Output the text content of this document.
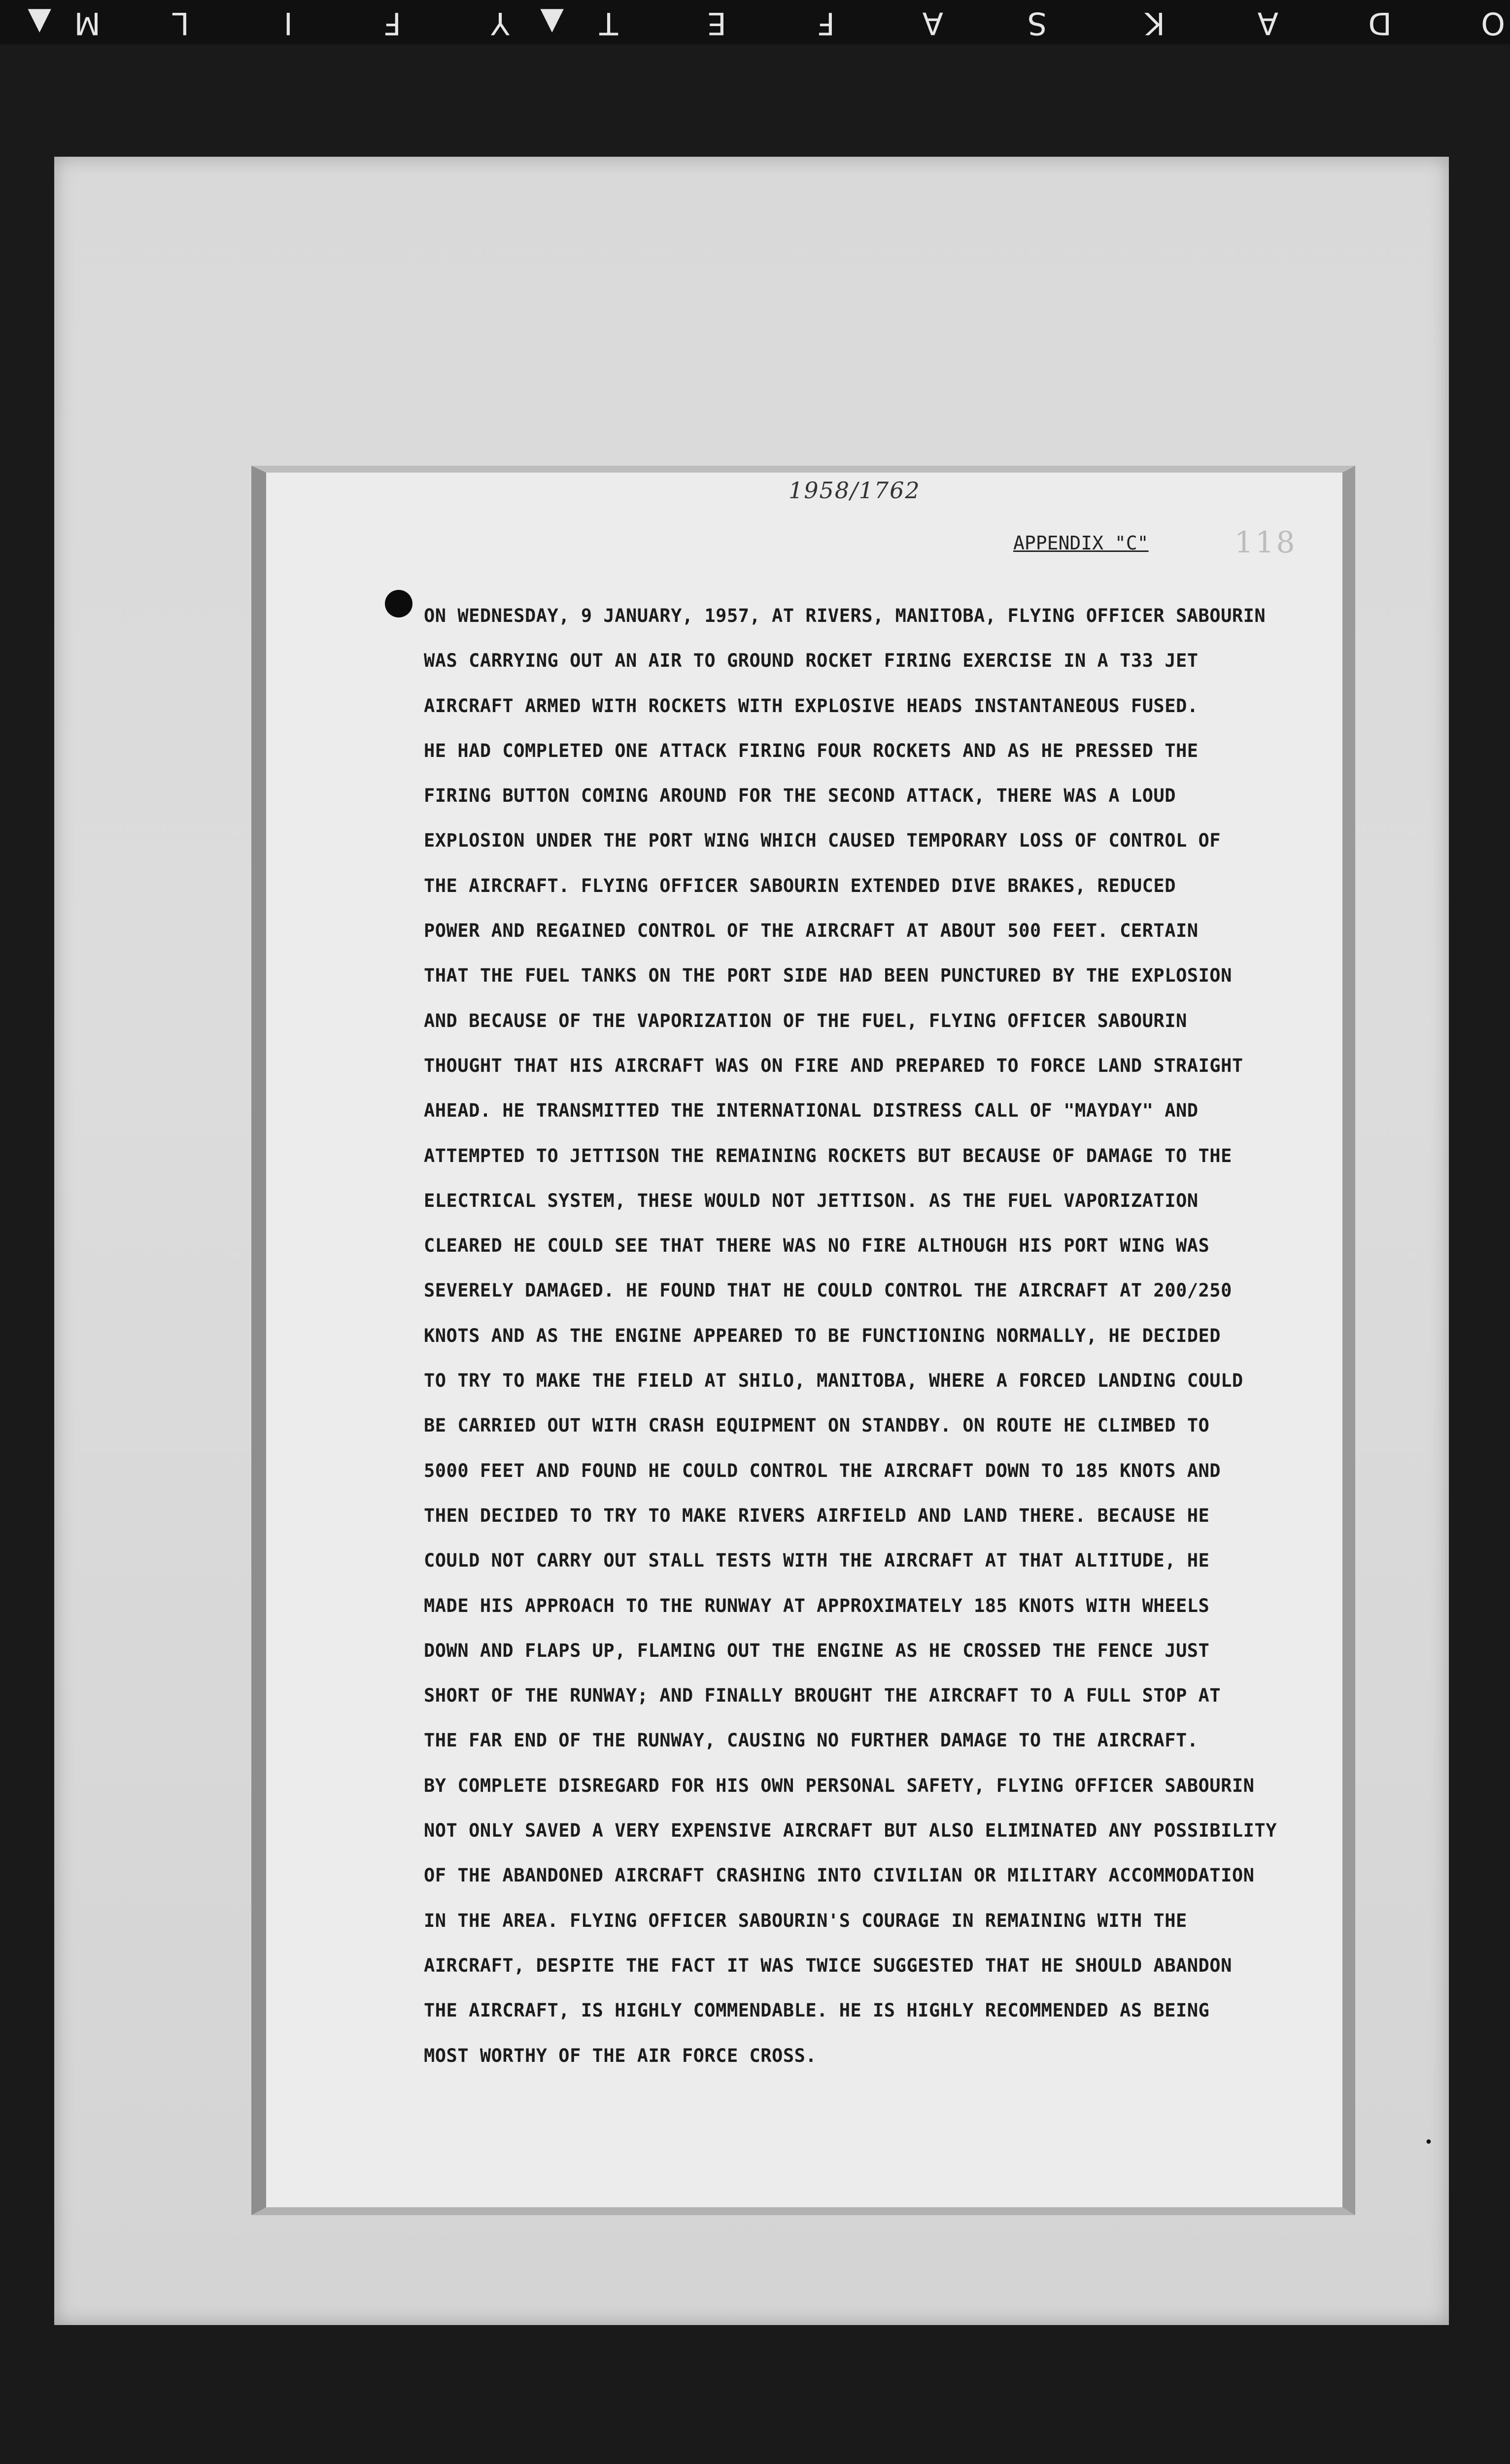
O
D
A
K
S
A
F
E
T
Y ▲
F
I
L
M
▲
1958/1762
APPENDIX "C"	118
ON WEDNESDAY, 9 JANUARY, 1957, AT RIVERS, MANITOBA, FLYING OFFICER SABOURIN
WAS CARRYING OUT AN AIR TO GROUND ROCKET FIRING EXERCISE IN A T33 JET
AIRCRAFT ARMED WITH ROCKETS WITH EXPLOSIVE HEADS INSTANTANEOUS FUSED.
HE HAD COMPLETED ONE ATTACK FIRING FOUR ROCKETS AND AS HE PRESSED THE
FIRING BUTTON COMING AROUND FOR THE SECOND ATTACK, THERE WAS A LOUD
EXPLOSION UNDER THE PORT WING WHICH CAUSED TEMPORARY LOSS OF CONTROL OF
THE AIRCRAFT. FLYING OFFICER SABOURIN EXTENDED DIVE BRAKES, REDUCED
POWER AND REGAINED CONTROL OF THE AIRCRAFT AT ABOUT 500 FEET. CERTAIN
THAT THE FUEL TANKS ON THE PORT SIDE HAD BEEN PUNCTURED BY THE EXPLOSION
AND BECAUSE OF THE VAPORIZATION OF THE FUEL, FLYING OFFICER SABOURIN
THOUGHT THAT HIS AIRCRAFT WAS ON FIRE AND PREPARED TO FORCE LAND STRAIGHT
AHEAD. HE TRANSMITTED THE INTERNATIONAL DISTRESS CALL OF "MAYDAY" AND
ATTEMPTED TO JETTISON THE REMAINING ROCKETS BUT BECAUSE OF DAMAGE TO THE
ELECTRICAL SYSTEM, THESE WOULD NOT JETTISON. AS THE FUEL VAPORIZATION
CLEARED HE COULD SEE THAT THERE WAS NO FIRE ALTHOUGH HIS PORT WING WAS
SEVERELY DAMAGED. HE FOUND THAT HE COULD CONTROL THE AIRCRAFT AT 200/250
KNOTS AND AS THE ENGINE APPEARED TO BE FUNCTIONING NORMALLY, HE DECIDED
TO TRY TO MAKE THE FIELD AT SHILO, MANITOBA, WHERE A FORCED LANDING COULD
BE CARRIED OUT WITH CRASH EQUIPMENT ON STANDBY. ON ROUTE HE CLIMBED TO
5000 FEET AND FOUND HE COULD CONTROL THE AIRCRAFT DOWN TO 185 KNOTS AND
THEN DECIDED TO TRY TO MAKE RIVERS AIRFIELD AND LAND THERE. BECAUSE HE
COULD NOT CARRY OUT STALL TESTS WITH THE AIRCRAFT AT THAT ALTITUDE, HE
MADE HIS APPROACH TO THE RUNWAY AT APPROXIMATELY 185 KNOTS WITH WHEELS
DOWN AND FLAPS UP, FLAMING OUT THE ENGINE AS HE CROSSED THE FENCE JUST
SHORT OF THE RUNWAY; AND FINALLY BROUGHT THE AIRCRAFT TO A FULL STOP AT
THE FAR END OF THE RUNWAY, CAUSING NO FURTHER DAMAGE TO THE AIRCRAFT.
BY COMPLETE DISREGARD FOR HIS OWN PERSONAL SAFETY, FLYING OFFICER SABOURIN
NOT ONLY SAVED A VERY EXPENSIVE AIRCRAFT BUT ALSO ELIMINATED ANY POSSIBILITY
OF THE ABANDONED AIRCRAFT CRASHING INTO CIVILIAN OR MILITARY ACCOMMODATION
IN THE AREA. FLYING OFFICER SABOURIN'S COURAGE IN REMAINING WITH THE
AIRCRAFT, DESPITE THE FACT IT WAS TWICE SUGGESTED THAT HE SHOULD ABANDON
THE AIRCRAFT, IS HIGHLY COMMENDABLE. HE IS HIGHLY RECOMMENDED AS BEING
MOST WORTHY OF THE AIR FORCE CROSS.
•
